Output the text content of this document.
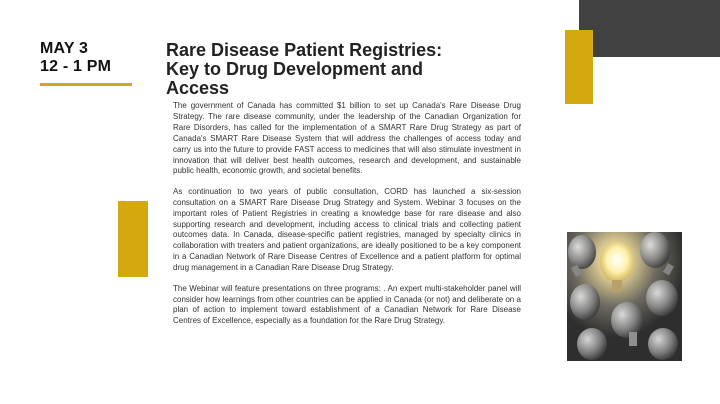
MAY 3
12 - 1 PM
Rare Disease Patient Registries:
Key to Drug Development and
Access

The government of Canada has committed $1 billion to set up Canada's Rare Disease Drug Strategy. The rare disease community, under the leadership of the Canadian Organization for Rare Disorders, has called for the implementation of a SMART Rare Drug Strategy as part of Canada's SMART Rare Disease System that will address the challenges of access today and carry us into the future to provide FAST access to medicines that will also stimulate investment in innovation that will deliver best health outcomes, research and development, and sustainable public health, economic growth, and societal benefits.

As continuation to two years of public consultation, CORD has launched a six-session consultation on a SMART Rare Disease Drug Strategy and System. Webinar 3 focuses on the important roles of Patient Registries in creating a knowledge base for rare disease and also supporting research and development, including access to clinical trials and collecting patient outcomes data. In Canada, disease-specific patient registries, managed by specialty clinics in collaboration with treaters and patient organizations, are ideally positioned to be a key component in a Canadian Network of Rare Disease Centres of Excellence and a patient platform for optimal drug management in a Canadian Rare Disease Drug Strategy.

The Webinar will feature presentations on three programs: . An expert multi-stakeholder panel will consider how learnings from other countries can be applied in Canada (or not) and deliberate on a plan of action to implement toward establishment of a Canadian Network for Rare Disease Centres of Excellence, especially as a foundation for the Rare Drug Strategy.
